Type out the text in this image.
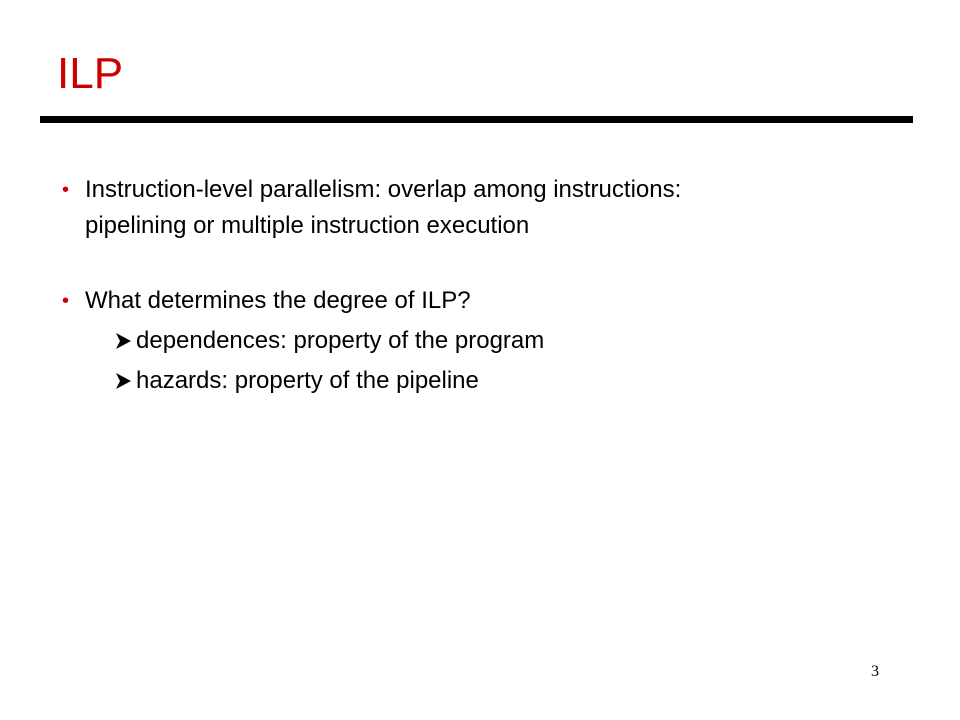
ILP
• Instruction-level parallelism: overlap among instructions:
pipelining or multiple instruction execution
• What determines the degree of ILP?
dependences: property of the program
hazards: property of the pipeline
3
